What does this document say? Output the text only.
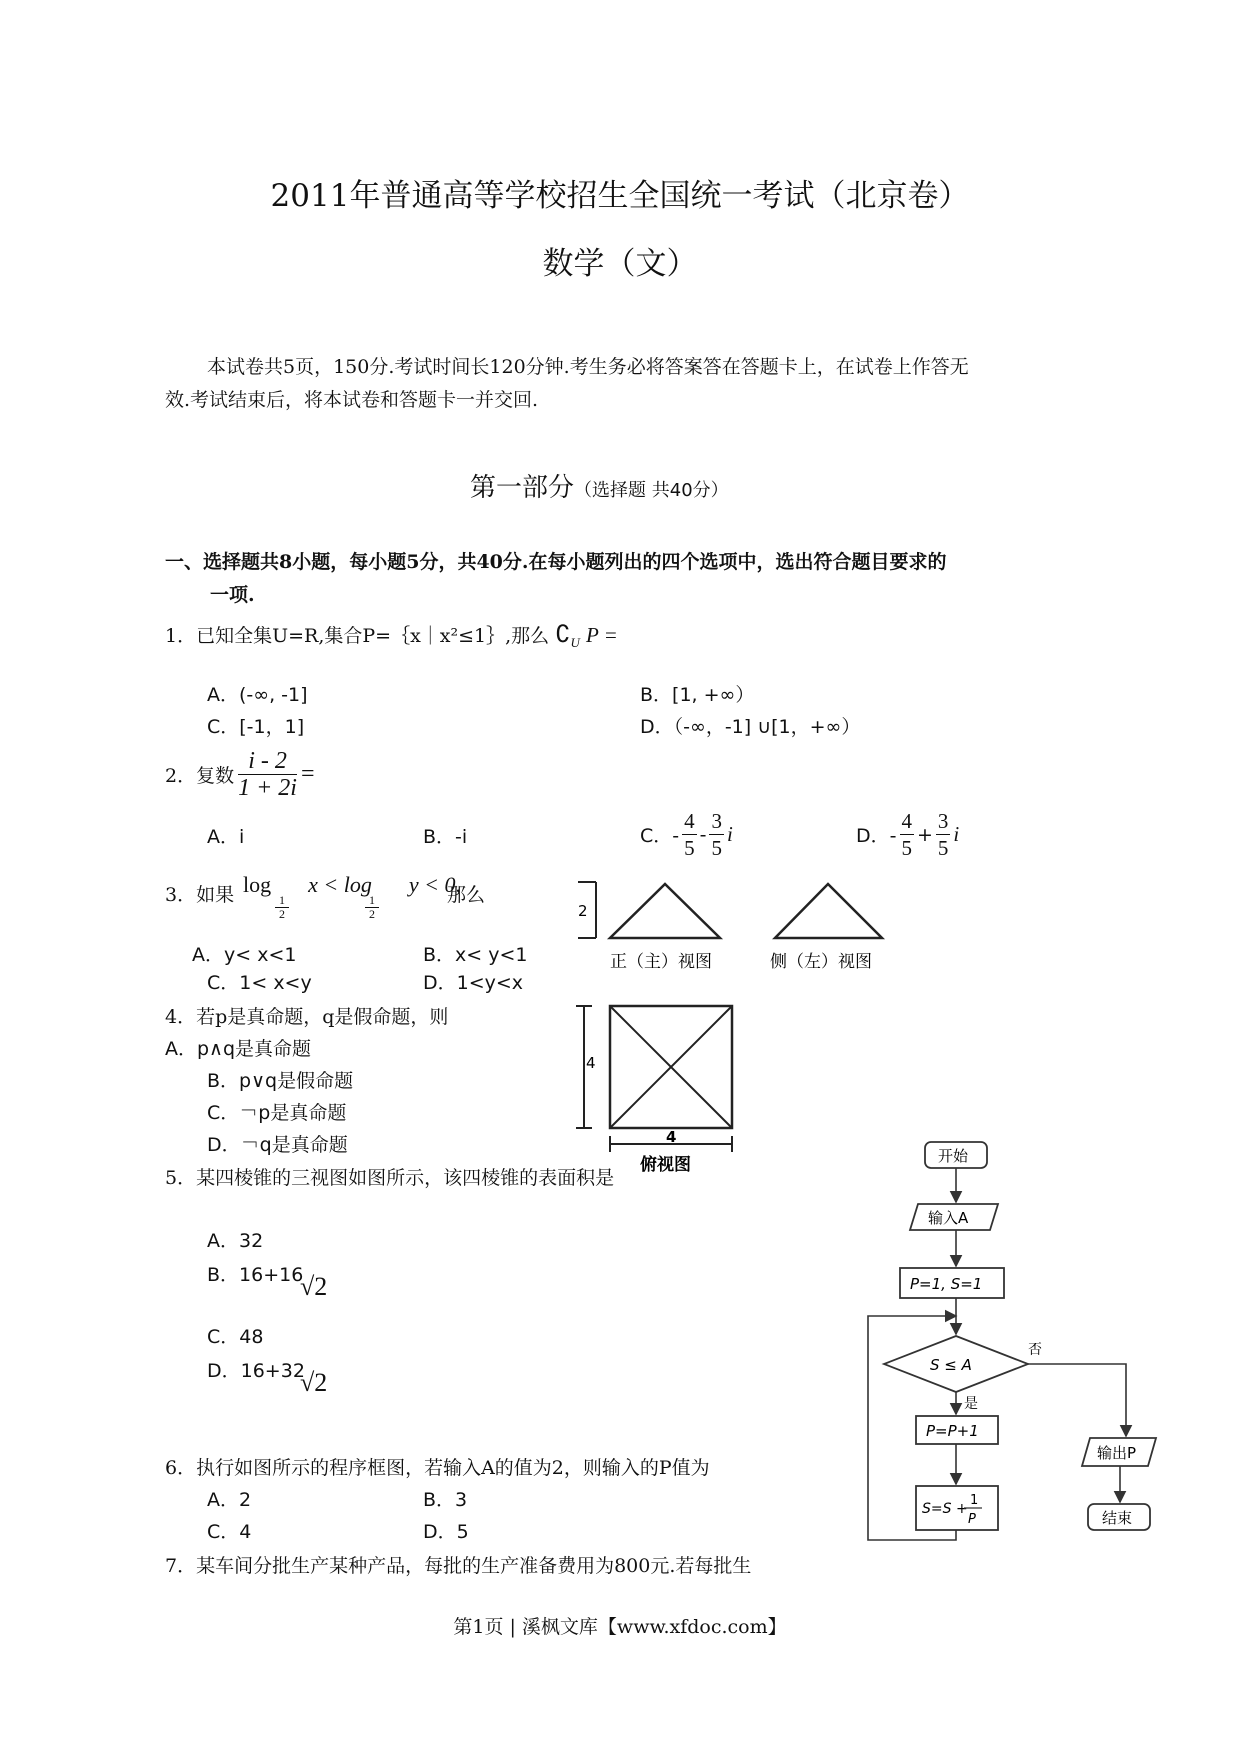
2011年普通高等学校招生全国统一考试（北京卷）
数学（文）
本试卷共5页，150分.考试时间长120分钟.考生务必将答案答在答题卡上，在试卷上作答无
效.考试结束后，将本试卷和答题卡一并交回.
第一部分（选择题 共40分）
一、选择题共8小题，每小题5分，共40分.在每小题列出的四个选项中，选出符合题目要求的
一项.
1．已知全集U=R,集合P=｛x｜x²≤1｝,那么 $∁_U$ P =
A．(-∞, -1]	B．[1, +∞）
C．[-1，1]	D．（-∞，-1] ∪[1，+∞）
2．复数 $\frac{i - 2}{1 + 2i}$ =
A．i	B．-i	C．- $\frac{4}{5} - \frac{3}{5}$ i	D．- $\frac{4}{5} + \frac{3}{5}$ i
3．如果 log x < log y < 0,
$\frac{1}{2}$	$\frac{1}{2}$	那么
A．y< x<1	B．x< y<1
C．1< x<y	D．1<y<x
4．若p是真命题，q是假命题，则
A．p∧q是真命题
B．p∨q是假命题
C．￢p是真命题
D．￢q是真命题
5．某四棱锥的三视图如图所示，该四棱锥的表面积是
A．32
B．16+16
√2
C．48
D．16+32
√2
6．执行如图所示的程序框图，若输入A的值为2，则输入的P值为
A．2	B．3
C．4	D．5
7．某车间分批生产某种产品，每批的生产准备费用为800元.若每批生
2
正（主）视图	侧（左）视图
4
4
俯视图	开始
输入A
P=1, S=1
S ≤ A
是
否
P=P+1
S=S +
1
P
输出P
结束
第1页 | 溪枫文库【www.xfdoc.com】
